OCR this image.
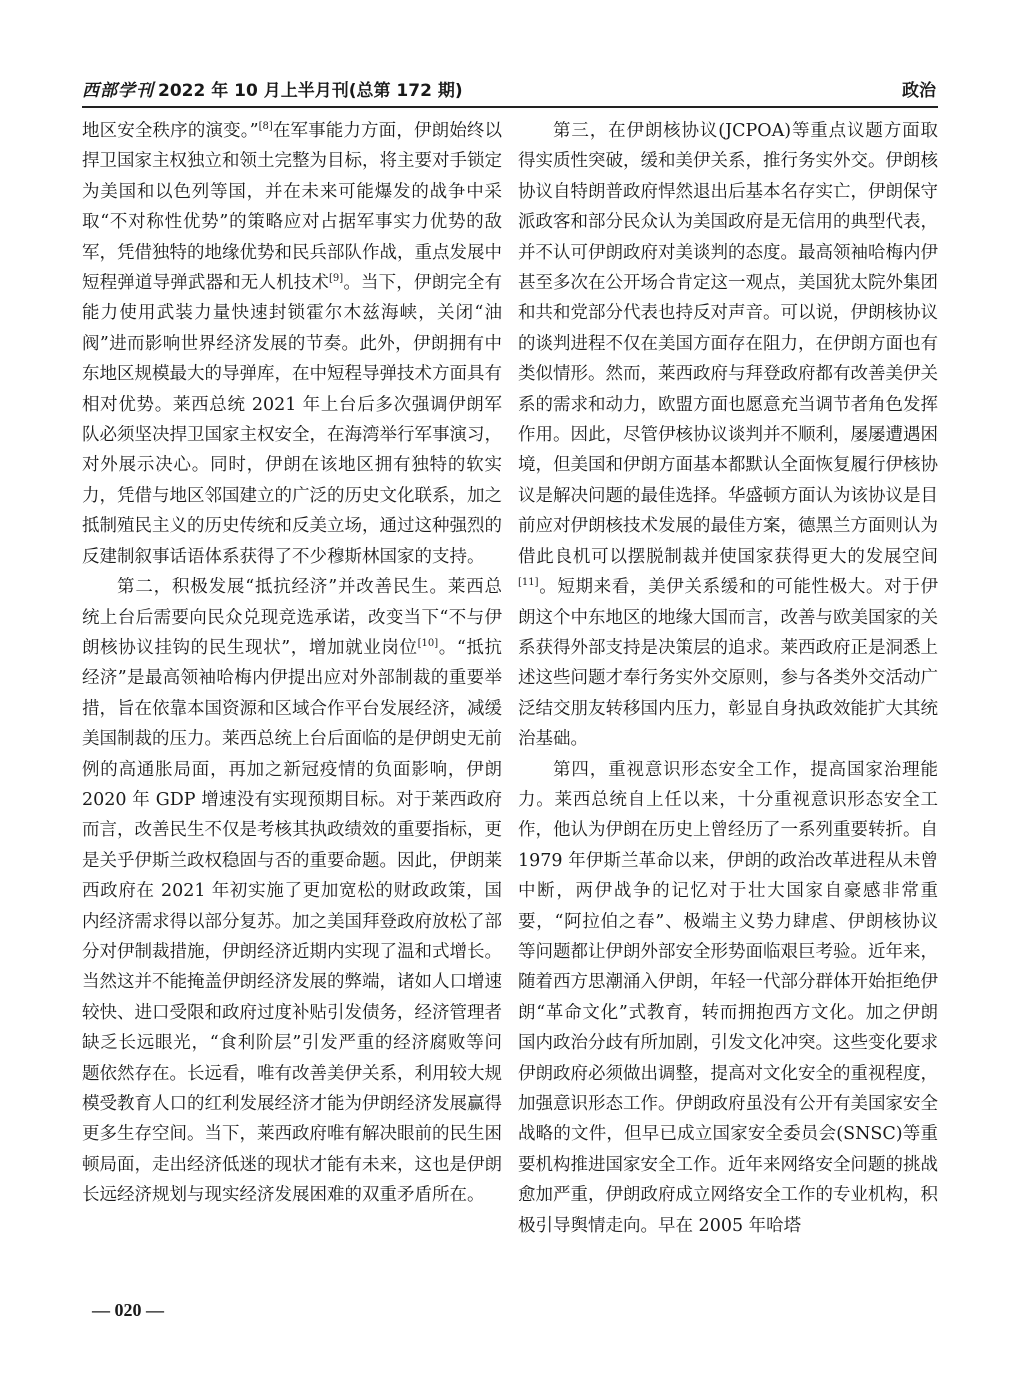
西部学刊 2022 年 10 月上半月刊(总第 172 期)	政治

地区安全秩序的演变。”[8]在军事能力方面，伊朗始终以捍卫国家主权独立和领土完整为目标，将主要对手锁定为美国和以色列等国，并在未来可能爆发的战争中采取“不对称性优势”的策略应对占据军事实力优势的敌军，凭借独特的地缘优势和民兵部队作战，重点发展中短程弹道导弹武器和无人机技术[9]。当下，伊朗完全有能力使用武装力量快速封锁霍尔木兹海峡，关闭“油阀”进而影响世界经济发展的节奏。此外，伊朗拥有中东地区规模最大的导弹库，在中短程导弹技术方面具有相对优势。莱西总统 2021 年上台后多次强调伊朗军队必须坚决捍卫国家主权安全，在海湾举行军事演习，对外展示决心。同时，伊朗在该地区拥有独特的软实力，凭借与地区邻国建立的广泛的历史文化联系，加之抵制殖民主义的历史传统和反美立场，通过这种强烈的反建制叙事话语体系获得了不少穆斯林国家的支持。

第二，积极发展“抵抗经济”并改善民生。莱西总统上台后需要向民众兑现竞选承诺，改变当下“不与伊朗核协议挂钩的民生现状”，增加就业岗位[10]。“抵抗经济”是最高领袖哈梅内伊提出应对外部制裁的重要举措，旨在依靠本国资源和区域合作平台发展经济，减缓美国制裁的压力。莱西总统上台后面临的是伊朗史无前例的高通胀局面，再加之新冠疫情的负面影响，伊朗 2020 年 GDP 增速没有实现预期目标。对于莱西政府而言，改善民生不仅是考核其执政绩效的重要指标，更是关乎伊斯兰政权稳固与否的重要命题。因此，伊朗莱西政府在 2021 年初实施了更加宽松的财政政策，国内经济需求得以部分复苏。加之美国拜登政府放松了部分对伊制裁措施，伊朗经济近期内实现了温和式增长。当然这并不能掩盖伊朗经济发展的弊端，诸如人口增速较快、进口受限和政府过度补贴引发债务，经济管理者缺乏长远眼光，“食利阶层”引发严重的经济腐败等问题依然存在。长远看，唯有改善美伊关系，利用较大规模受教育人口的红利发展经济才能为伊朗经济发展赢得更多生存空间。当下，莱西政府唯有解决眼前的民生困顿局面，走出经济低迷的现状才能有未来，这也是伊朗长远经济规划与现实经济发展困难的双重矛盾所在。

第三，在伊朗核协议(JCPOA)等重点议题方面取得实质性突破，缓和美伊关系，推行务实外交。伊朗核协议自特朗普政府悍然退出后基本名存实亡，伊朗保守派政客和部分民众认为美国政府是无信用的典型代表，并不认可伊朗政府对美谈判的态度。最高领袖哈梅内伊甚至多次在公开场合肯定这一观点，美国犹太院外集团和共和党部分代表也持反对声音。可以说，伊朗核协议的谈判进程不仅在美国方面存在阻力，在伊朗方面也有类似情形。然而，莱西政府与拜登政府都有改善美伊关系的需求和动力，欧盟方面也愿意充当调节者角色发挥作用。因此，尽管伊核协议谈判并不顺利，屡屡遭遇困境，但美国和伊朗方面基本都默认全面恢复履行伊核协议是解决问题的最佳选择。华盛顿方面认为该协议是目前应对伊朗核技术发展的最佳方案，德黑兰方面则认为借此良机可以摆脱制裁并使国家获得更大的发展空间[11]。短期来看，美伊关系缓和的可能性极大。对于伊朗这个中东地区的地缘大国而言，改善与欧美国家的关系获得外部支持是决策层的追求。莱西政府正是洞悉上述这些问题才奉行务实外交原则，参与各类外交活动广泛结交朋友转移国内压力，彰显自身执政效能扩大其统治基础。

第四，重视意识形态安全工作，提高国家治理能力。莱西总统自上任以来，十分重视意识形态安全工作，他认为伊朗在历史上曾经历了一系列重要转折。自 1979 年伊斯兰革命以来，伊朗的政治改革进程从未曾中断，两伊战争的记忆对于壮大国家自豪感非常重要，“阿拉伯之春”、极端主义势力肆虐、伊朗核协议等问题都让伊朗外部安全形势面临艰巨考验。近年来，随着西方思潮涌入伊朗，年轻一代部分群体开始拒绝伊朗“革命文化”式教育，转而拥抱西方文化。加之伊朗国内政治分歧有所加剧，引发文化冲突。这些变化要求伊朗政府必须做出调整，提高对文化安全的重视程度，加强意识形态工作。伊朗政府虽没有公开有美国家安全战略的文件，但早已成立国家安全委员会(SNSC)等重要机构推进国家安全工作。近年来网络安全问题的挑战愈加严重，伊朗政府成立网络安全工作的专业机构，积极引导舆情走向。早在 2005 年哈塔

— 020 —
